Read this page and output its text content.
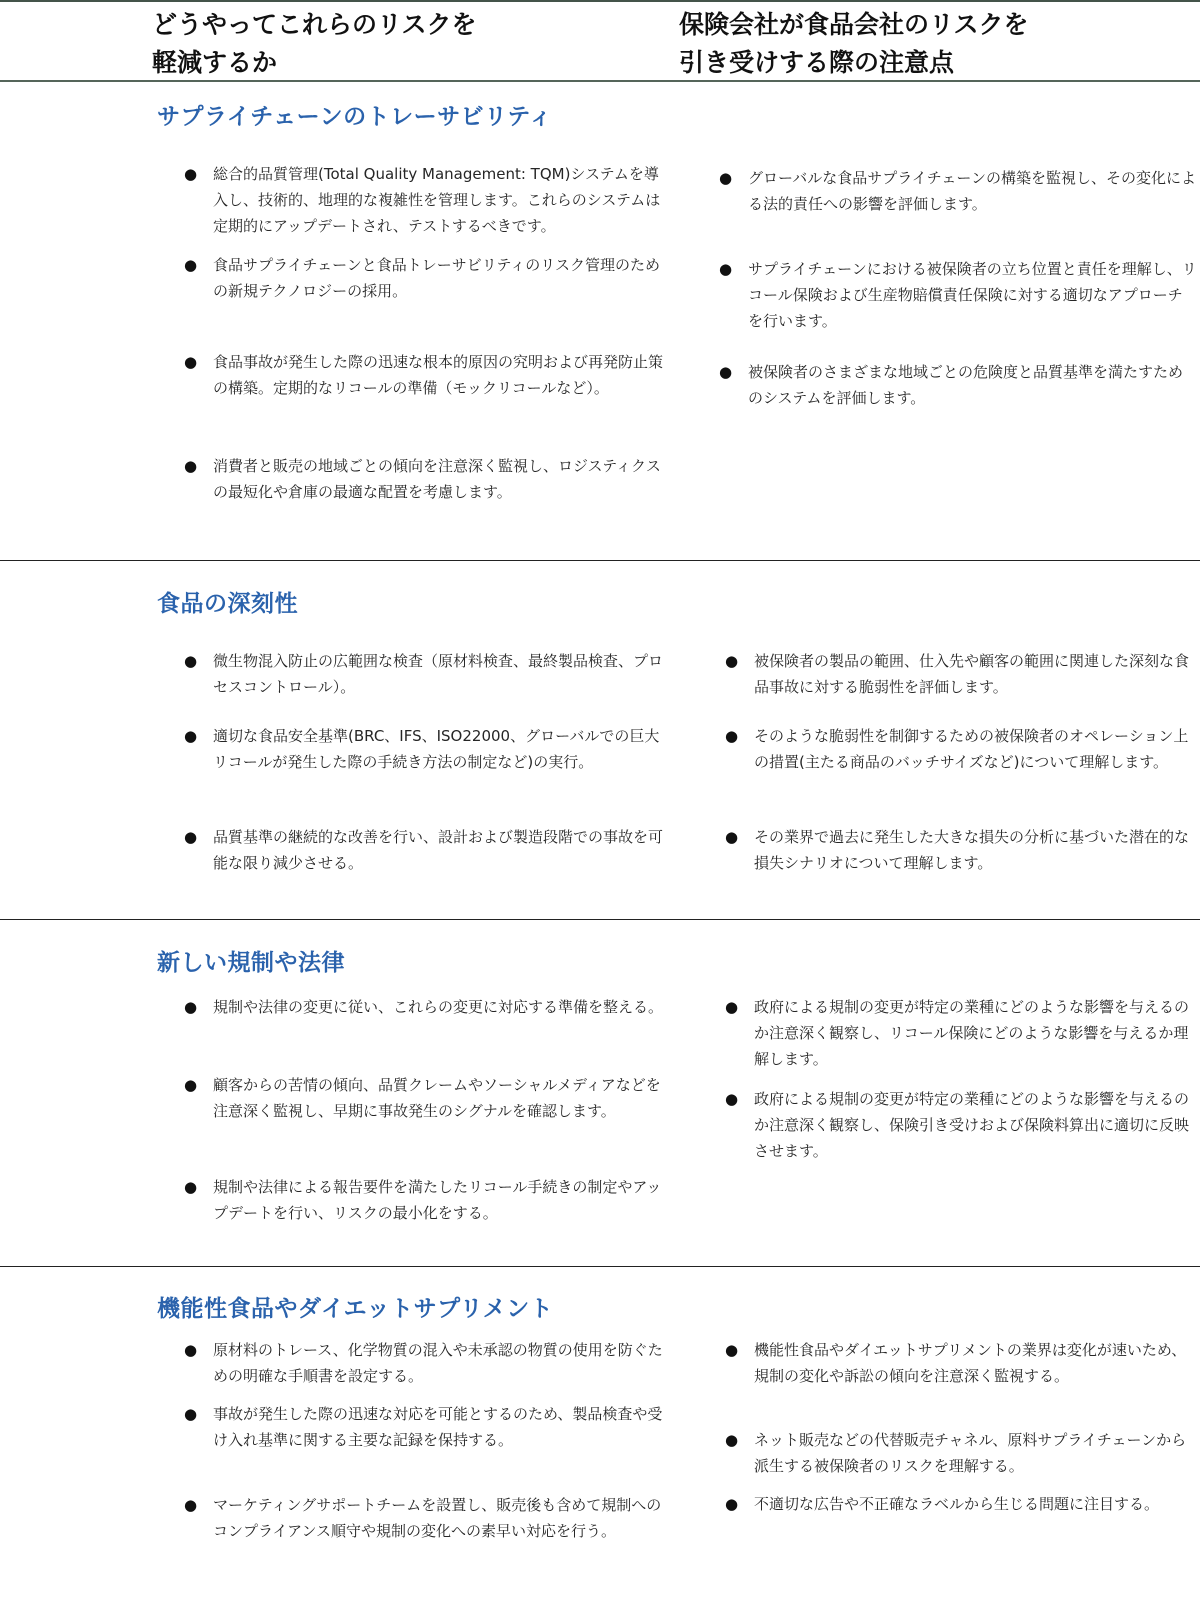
どうやってこれらのリスクを
軽減するか
保険会社が食品会社のリスクを
引き受けする際の注意点
サプライチェーンのトレーサビリティ
● 総合的品質管理(Total Quality Management: TQM)システムを導入し、技術的、地理的な複雑性を管理します。これらのシステムは定期的にアップデートされ、テストするべきです。
● 食品サプライチェーンと食品トレーサビリティのリスク管理のための新規テクノロジーの採用。
● 食品事故が発生した際の迅速な根本的原因の究明および再発防止策の構築。定期的なリコールの準備（モックリコールなど）。
● 消費者と販売の地域ごとの傾向を注意深く監視し、ロジスティクスの最短化や倉庫の最適な配置を考慮します。
● グローバルな食品サプライチェーンの構築を監視し、その変化による法的責任への影響を評価します。
● サプライチェーンにおける被保険者の立ち位置と責任を理解し、リコール保険および生産物賠償責任保険に対する適切なアプローチを行います。
● 被保険者のさまざまな地域ごとの危険度と品質基準を満たすためのシステムを評価します。
食品の深刻性
● 微生物混入防止の広範囲な検査（原材料検査、最終製品検査、プロセスコントロール）。
● 適切な食品安全基準(BRC、IFS、ISO22000、グローバルでの巨大リコールが発生した際の手続き方法の制定など)の実行。
● 品質基準の継続的な改善を行い、設計および製造段階での事故を可能な限り減少させる。
● 被保険者の製品の範囲、仕入先や顧客の範囲に関連した深刻な食品事故に対する脆弱性を評価します。
● そのような脆弱性を制御するための被保険者のオペレーション上の措置(主たる商品のバッチサイズなど)について理解します。
● その業界で過去に発生した大きな損失の分析に基づいた潜在的な損失シナリオについて理解します。
新しい規制や法律
● 規制や法律の変更に従い、これらの変更に対応する準備を整える。
● 顧客からの苦情の傾向、品質クレームやソーシャルメディアなどを注意深く監視し、早期に事故発生のシグナルを確認します。
● 規制や法律による報告要件を満たしたリコール手続きの制定やアップデートを行い、リスクの最小化をする。
● 政府による規制の変更が特定の業種にどのような影響を与えるのか注意深く観察し、リコール保険にどのような影響を与えるか理解します。
● 政府による規制の変更が特定の業種にどのような影響を与えるのか注意深く観察し、保険引き受けおよび保険料算出に適切に反映させます。
機能性食品やダイエットサプリメント
● 原材料のトレース、化学物質の混入や未承認の物質の使用を防ぐための明確な手順書を設定する。
● 事故が発生した際の迅速な対応を可能とするのため、製品検査や受け入れ基準に関する主要な記録を保持する。
● マーケティングサポートチームを設置し、販売後も含めて規制へのコンプライアンス順守や規制の変化への素早い対応を行う。
● 機能性食品やダイエットサプリメントの業界は変化が速いため、規制の変化や訴訟の傾向を注意深く監視する。
● ネット販売などの代替販売チャネル、原料サプライチェーンから派生する被保険者のリスクを理解する。
● 不適切な広告や不正確なラベルから生じる問題に注目する。
